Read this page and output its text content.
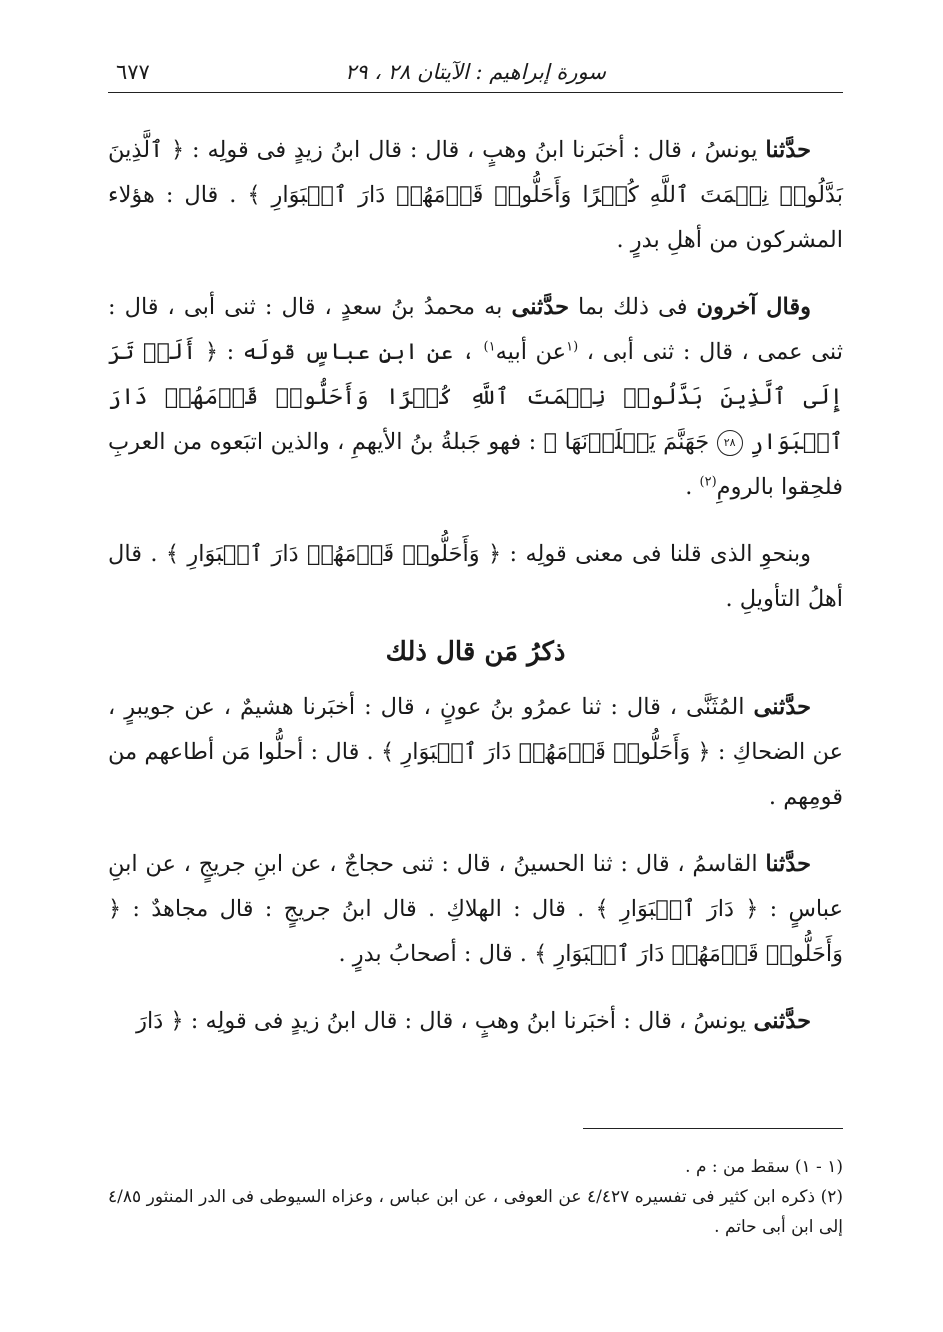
سورة إبراهيم : الآيتان ٢٨ ، ٢٩
٦٧٧

حدَّثنا يونسُ ، قال : أخبَرنا ابنُ وهبٍ ، قال : قال ابنُ زيدٍ فى قولِه : ﴿ ٱلَّذِينَ بَدَّلُوا۟ نِعۡمَتَ ٱللَّهِ كُفۡرًا وَأَحَلُّوا۟ قَوۡمَهُمۡ دَارَ ٱلۡبَوَارِ ﴾ . قال : هؤلاء المشركون من أهلِ بدرٍ .

وقال آخرون فى ذلك بما حدَّثنى به محمدُ بنُ سعدٍ ، قال : ثنى أبى ، قال : ثنى عمى ، قال : ثنى أبى ، $^{(١}$عن أبيه$^{١)}$ ، عن ابنِ عباسٍ قولَه : ﴿ أَلَمۡ تَرَ إِلَى ٱلَّذِينَ بَدَّلُوا۟ نِعۡمَتَ ٱللَّهِ كُفۡرًا وَأَحَلُّوا۟ قَوۡمَهُمۡ دَارَ ٱلۡبَوَارِ ٢٨ جَهَنَّمَ يَصۡلَوۡنَهَا ﴾ : فهو جَبلةُ بنُ الأيهمِ ، والذين اتبَعوه من العربِ فلحِقوا بالرومِ$^{(٢)}$ .

وبنحوِ الذى قلنا فى معنى قولِه : ﴿ وَأَحَلُّوا۟ قَوۡمَهُمۡ دَارَ ٱلۡبَوَارِ ﴾ . قال أهلُ التأويلِ .

ذكرُ مَن قال ذلك

حدَّثنى المُثَنَّى ، قال : ثنا عمرُو بنُ عونٍ ، قال : أخبَرنا هشيمٌ ، عن جويبرٍ ، عن الضحاكِ : ﴿ وَأَحَلُّوا۟ قَوۡمَهُمۡ دَارَ ٱلۡبَوَارِ ﴾ . قال : أحلُّوا مَن أطاعهم من قومِهم .

حدَّثنا القاسمُ ، قال : ثنا الحسينُ ، قال : ثنى حجاجٌ ، عن ابنِ جريجٍ ، عن ابنِ عباسٍ : ﴿ دَارَ ٱلۡبَوَارِ ﴾ . قال : الهلاكِ . قال ابنُ جريجٍ : قال مجاهدٌ : ﴿ وَأَحَلُّوا۟ قَوۡمَهُمۡ دَارَ ٱلۡبَوَارِ ﴾ . قال : أصحابُ بدرٍ .

حدَّثنى يونسُ ، قال : أخبَرنا ابنُ وهبٍ ، قال : قال ابنُ زيدٍ فى قولِه : ﴿ دَارَ

(١ - ١) سقط من : م .

(٢) ذكره ابن كثير فى تفسيره ٤/٤٢٧ عن العوفى ، عن ابن عباس ، وعزاه السيوطى فى الدر المنثور ٤/٨٥ إلى ابن أبى حاتم .
